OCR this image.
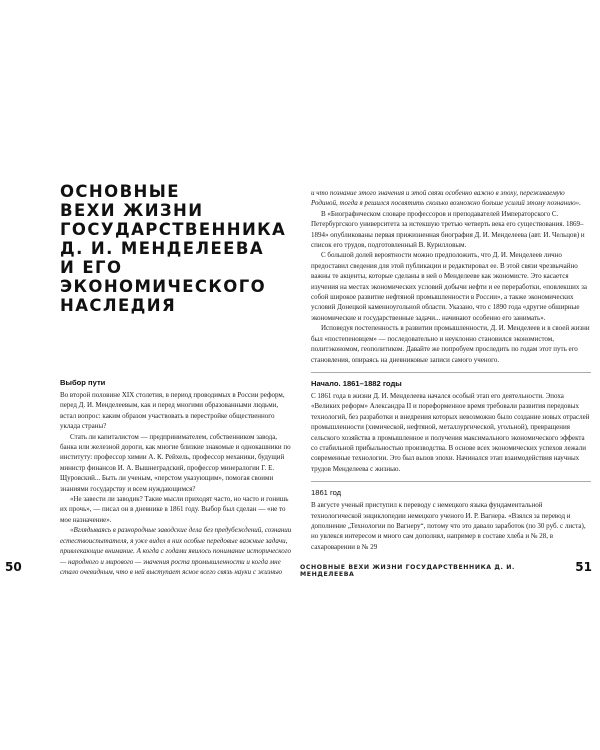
ОСНОВНЫЕ
ВЕХИ ЖИЗНИ
ГОСУДАРСТВЕННИКА
Д. И. МЕНДЕЛЕЕВА
И ЕГО
ЭКОНОМИЧЕСКОГО
НАСЛЕДИЯ
Выбор пути

Во второй половине XIX столетия, в период проводимых в России реформ, перед Д. И. Менделеевым, как и перед многими образованными людьми, встал вопрос: каким образом участвовать в перестройке общественного уклада страны?

Стать ли капиталистом — предпринимателем, собственником завода, банка или железной дороги, как многие близкие знакомые и однокашники по институту: профессор химии А. К. Рейхель, профессор механики, будущий министр финансов И. А. Вышнеградский, профессор минералогии Г. Е. Щуровский... Быть ли ученым, «перстом указующим», помогая своими знаниями государству и всем нуждающимся?

«Не завести ли заводик? Такие мысли приходят часто, но часто и гонишь их прочь», — писал он в дневнике в 1861 году. Выбор был сделан — «не то мое назначение».

«Вглядываясь в разнородные заводские дела без предубеждений, сознании естествоиспытателя, я уже видел в них особые передовые важные задачи, привлекающие внимание. А когда с годами явилось понимание исторического — народного и мирового — значения роста промышленности и когда мне стало очевидным, что в ней выступает ясное всего связь науки с жизнью

50

и что познание этого значения и этой связи особенно важно в эпоху, переживаемую Родиной, тогда я решился посвятить сколько возможно больше усилий этому познанию».

В «Биографическом словаре профессоров и преподавателей Императорского С. Петербургского университета за истекшую третью четверть века его существования. 1869–1894» опубликованы первая прижизненная биография Д. И. Менделеева (авт. И. Чельцов) и список его трудов, подготовленный В. Курилловым.

С большой долей вероятности можно предположить, что Д. И. Менделеев лично предоставил сведения для этой публикации и редактировал ее. В этой связи чрезвычайно важны те акценты, которые сделаны в ней о Менделееве как экономисте. Это касается изучения на местах экономических условий добычи нефти и ее переработки, «повлекших за собой широкое развитие нефтяной промышленности в России», а также экономических условий Донецкой каменноугольной области. Указано, что с 1890 года «другие обширные экономические и государственные задачи... начинают особенно его занимать».

Исповедуя постепенность в развитии промышленности, Д. И. Менделеев и в своей жизни был «постепеновцем» — последовательно и неуклонно становился экономистом, политэкономом, геополитиком. Давайте же попробуем проследить по годам этот путь его становления, опираясь на дневниковые записи самого ученого.

Начало. 1861–1882 годы

С 1861 года в жизни Д. И. Менделеева начался особый этап его деятельности. Эпоха «Великих реформ» Александра II и пореформенное время требовали развития передовых технологий, без разработки и внедрения которых невозможно было создание новых отраслей промышленности (химической, нефтяной, металлургической, угольной), превращения сельского хозяйства в промышленное и получения максимального экономического эффекта со стабильной прибыльностью производства. В основе всех экономических успехов лежали современные технологии. Это был вызов эпохи. Начинался этап взаимодействия научных трудов Менделеева с жизнью.

1861 год

В августе ученый приступил к переводу с немецкого языка фундаментальной технологической энциклопедии немецкого ученого И. Р. Вагнера. «Взялся за перевод и дополнение „Технологии по Вагнеру“, потому что это давало заработок (по 30 руб. с листа), но увлекся интересом и много сам дополнял, например в составе хлеба и № 28, в сахароварении в № 29

ОСНОВНЫЕ ВЕХИ ЖИЗНИ ГОСУДАРСТВЕННИКА Д. И. МЕНДЕЛЕЕВА
51
